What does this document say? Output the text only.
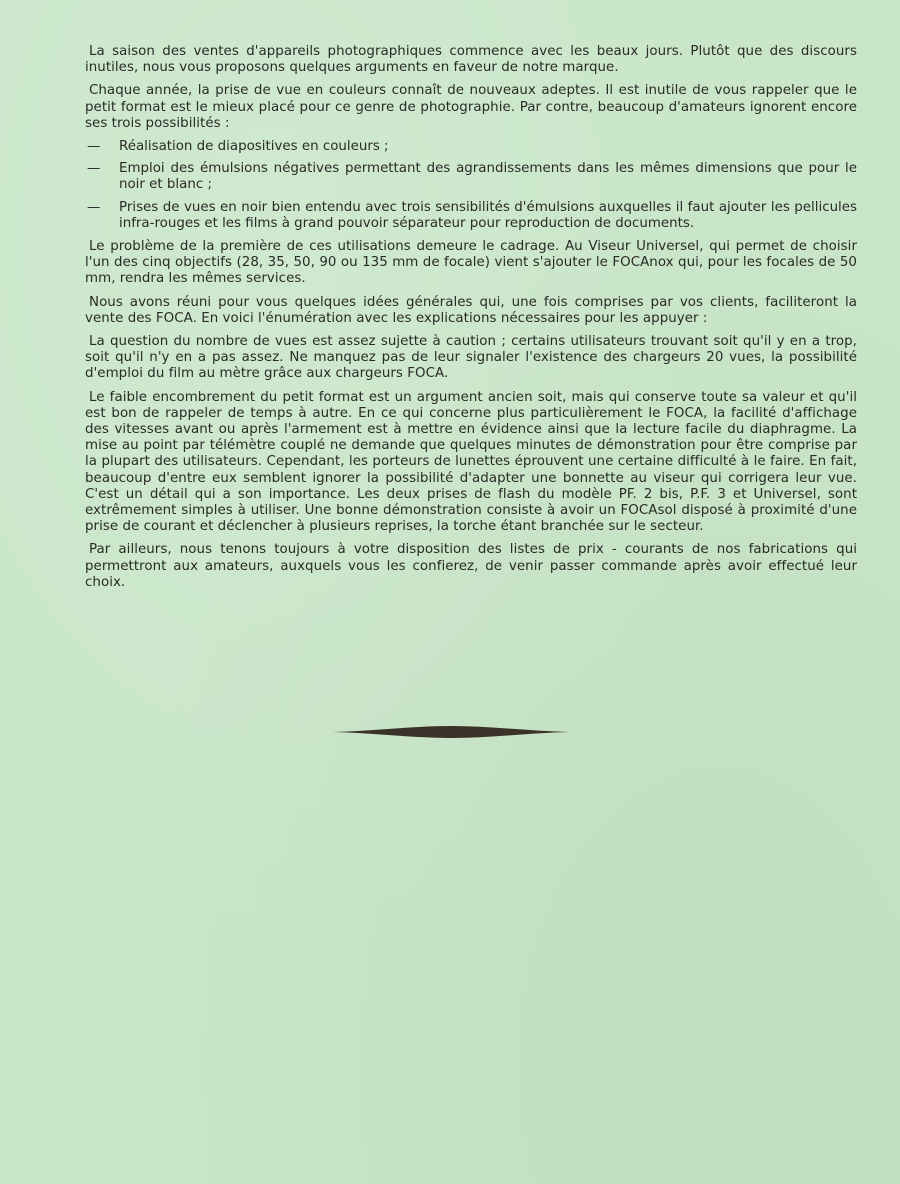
La saison des ventes d'appareils photographiques commence avec les beaux jours. Plutôt que des discours inutiles, nous vous proposons quelques arguments en faveur de notre marque.

Chaque année, la prise de vue en couleurs connaît de nouveaux adeptes. Il est inutile de vous rappeler que le petit format est le mieux placé pour ce genre de photographie. Par contre, beaucoup d'amateurs ignorent encore ses trois possibilités :

— Réalisation de diapositives en couleurs ;
— Emploi des émulsions négatives permettant des agrandissements dans les mêmes dimensions que pour le noir et blanc ;
— Prises de vues en noir bien entendu avec trois sensibilités d'émulsions auxquelles il faut ajouter les pellicules infra-rouges et les films à grand pouvoir séparateur pour reproduction de documents.

Le problème de la première de ces utilisations demeure le cadrage. Au Viseur Universel, qui permet de choisir l'un des cinq objectifs (28, 35, 50, 90 ou 135 mm de focale) vient s'ajouter le FOCAnox qui, pour les focales de 50 mm, rendra les mêmes services.

Nous avons réuni pour vous quelques idées générales qui, une fois comprises par vos clients, faciliteront la vente des FOCA. En voici l'énumération avec les explications nécessaires pour les appuyer :

La question du nombre de vues est assez sujette à caution ; certains utilisateurs trouvant soit qu'il y en a trop, soit qu'il n'y en a pas assez. Ne manquez pas de leur signaler l'existence des chargeurs 20 vues, la possibilité d'emploi du film au mètre grâce aux chargeurs FOCA.

Le faible encombrement du petit format est un argument ancien soit, mais qui conserve toute sa valeur et qu'il est bon de rappeler de temps à autre. En ce qui concerne plus particulièrement le FOCA, la facilité d'affichage des vitesses avant ou après l'armement est à mettre en évidence ainsi que la lecture facile du diaphragme. La mise au point par télémètre couplé ne demande que quelques minutes de démonstration pour être comprise par la plupart des utilisateurs. Cependant, les porteurs de lunettes éprouvent une certaine difficulté à le faire. En fait, beaucoup d'entre eux semblent ignorer la possibilité d'adapter une bonnette au viseur qui corrigera leur vue. C'est un détail qui a son importance. Les deux prises de flash du modèle PF. 2 bis, P.F. 3 et Universel, sont extrêmement simples à utiliser. Une bonne démonstration consiste à avoir un FOCAsol disposé à proximité d'une prise de courant et déclencher à plusieurs reprises, la torche étant branchée sur le secteur.

Par ailleurs, nous tenons toujours à votre disposition des listes de prix - courants de nos fabrications qui permettront aux amateurs, auxquels vous les confierez, de venir passer commande après avoir effectué leur choix.
